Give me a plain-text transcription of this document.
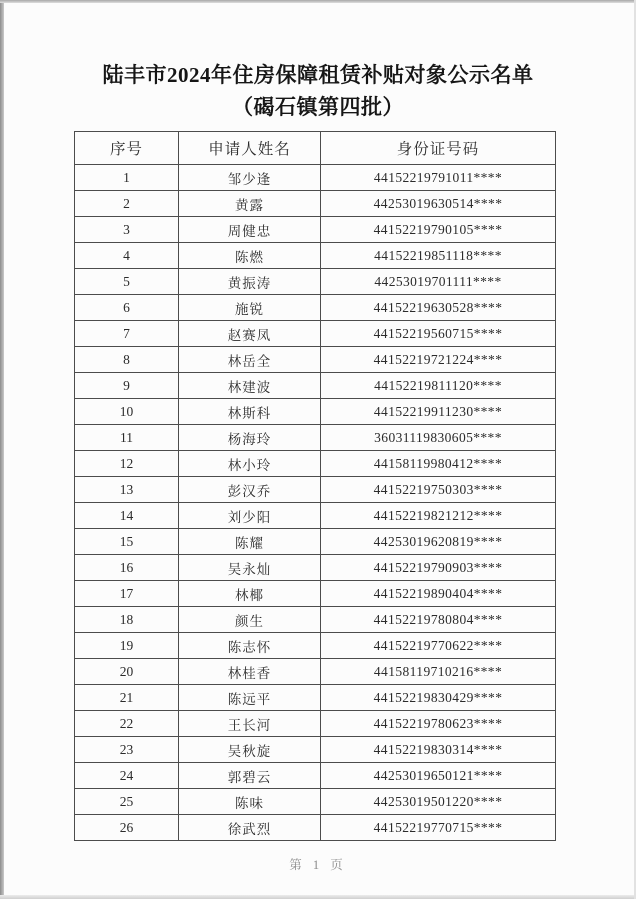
陆丰市2024年住房保障租赁补贴对象公示名单
（碣石镇第四批）
序号	申请人姓名	身份证号码
1	邹少逢	44152219791011****
2	黄露	44253019630514****
3	周健忠	44152219790105****
4	陈燃	44152219851118****
5	黄振涛	44253019701111****
6	施锐	44152219630528****
7	赵赛凤	44152219560715****
8	林岳全	44152219721224****
9	林建波	44152219811120****
10	林斯科	44152219911230****
11	杨海玲	36031119830605****
12	林小玲	44158119980412****
13	彭汉乔	44152219750303****
14	刘少阳	44152219821212****
15	陈耀	44253019620819****
16	吴永灿	44152219790903****
17	林椰	44152219890404****
18	颜生	44152219780804****
19	陈志怀	44152219770622****
20	林桂香	44158119710216****
21	陈远平	44152219830429****
22	王长河	44152219780623****
23	吴秋旋	44152219830314****
24	郭碧云	44253019650121****
25	陈味	44253019501220****
26	徐武烈	44152219770715****
第 1 页
